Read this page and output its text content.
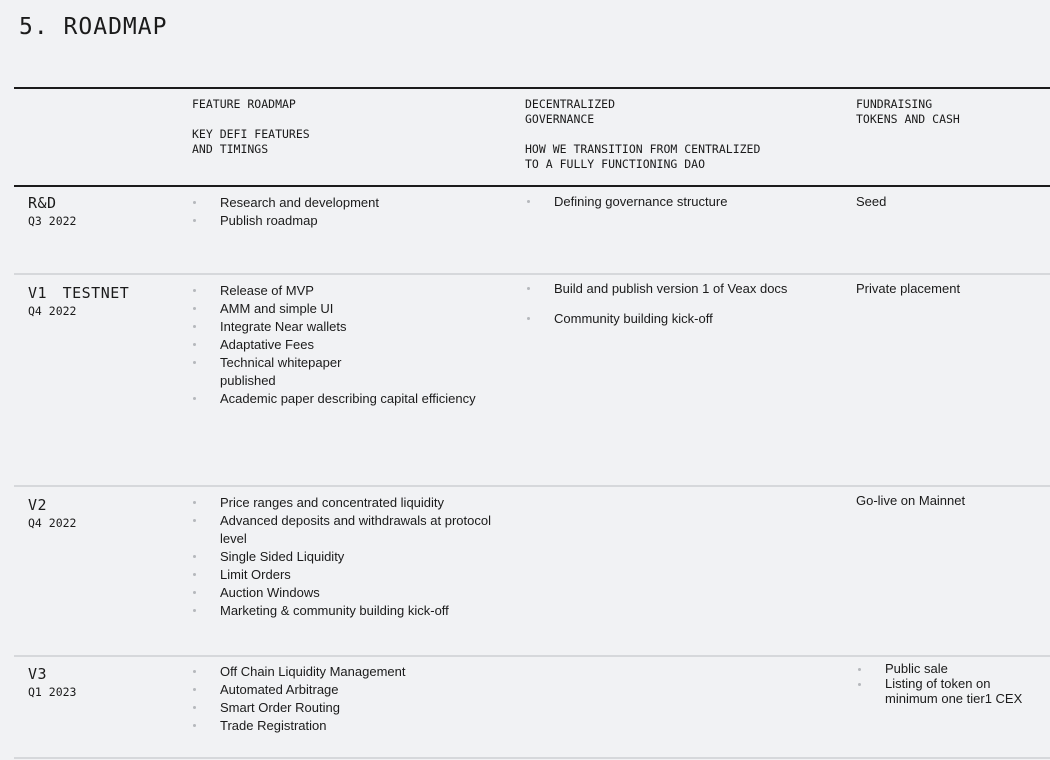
5. ROADMAP
FEATURE ROADMAP

KEY DEFI FEATURES
AND TIMINGS
DECENTRALIZED
GOVERNANCE

HOW WE TRANSITION FROM CENTRALIZED
TO A FULLY FUNCTIONING DAO
FUNDRAISING
TOKENS AND CASH
R&D
Q3 2022
Research and development
Publish roadmap
Defining governance structure	Seed
V1 TESTNET
Q4 2022
Release of MVP
AMM and simple UI
Integrate Near wallets
Adaptative Fees
Technical whitepaper published
Academic paper describing capital efficiency
Build and publish version 1 of Veax docs
Community building kick-off
Private placement
V2
Q4 2022
Price ranges and concentrated liquidity
Advanced deposits and withdrawals at protocol level
Single Sided Liquidity
Limit Orders
Auction Windows
Marketing & community building kick-off
Go-live on Mainnet
V3
Q1 2023
Off Chain Liquidity Management
Automated Arbitrage
Smart Order Routing
Trade Registration
Public sale
Listing of token on minimum one tier1 CEX
